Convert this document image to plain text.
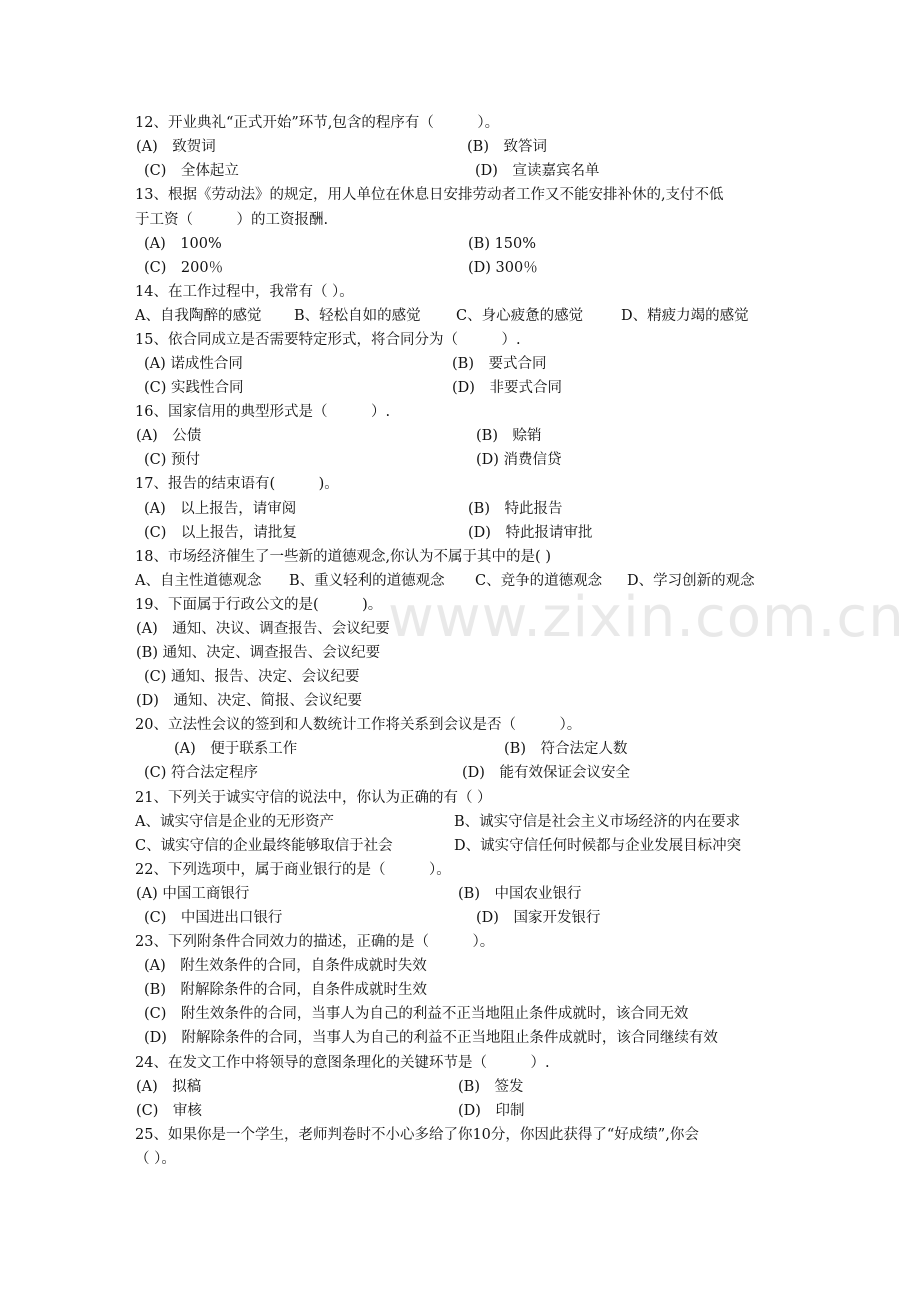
www.zixin.com.cn
12、开业典礼“正式开始”环节,包含的程序有（　　　）。
(A)　致贺词	(B)　致答词
(C)　全体起立	(D)　宣读嘉宾名单
13、根据《劳动法》的规定，用人单位在休息日安排劳动者工作又不能安排补休的,支付不低
于工资（　　　）的工资报酬.
(A)　100%	(B) 150%
(C)　200％	(D) 300％
14、在工作过程中，我常有（ ）。
A、自我陶醉的感觉 B、轻松自如的感觉 C、身心疲惫的感觉	D、精疲力竭的感觉
15、依合同成立是否需要特定形式，将合同分为（　　　）.
(A) 诺成性合同	(B)　要式合同
(C) 实践性合同	(D)　非要式合同
16、国家信用的典型形式是（　　　）.
(A)　公债	(B)　赊销
(C) 预付	(D) 消费信贷
17、报告的结束语有(　　　)。
(A)　以上报告，请审阅	(B)　特此报告
(C)　以上报告，请批复	(D)　特此报请审批
18、市场经济催生了一些新的道德观念,你认为不属于其中的是( )
A、自主性道德观念 B、重义轻利的道德观念 C、竞争的道德观念 D、学习创新的观念
19、下面属于行政公文的是(　　　)。
(A)　通知、决议、调查报告、会议纪要
(B) 通知、决定、调查报告、会议纪要
(C) 通知、报告、决定、会议纪要
(D)　通知、决定、简报、会议纪要
20、立法性会议的签到和人数统计工作将关系到会议是否（　　　）。
(A)　便于联系工作	(B)　符合法定人数
(C) 符合法定程序	(D)　能有效保证会议安全
21、下列关于诚实守信的说法中，你认为正确的有（ ）
A、诚实守信是企业的无形资产	B、诚实守信是社会主义市场经济的内在要求
C、诚实守信的企业最终能够取信于社会	D、诚实守信任何时候都与企业发展目标冲突
22、下列选项中，属于商业银行的是（　　　）。
(A) 中国工商银行	(B)　中国农业银行
(C)　中国进出口银行	(D)　国家开发银行
23、下列附条件合同效力的描述，正确的是（　　　）。
(A)　附生效条件的合同，自条件成就时失效
(B)　附解除条件的合同，自条件成就时生效
(C)　附生效条件的合同，当事人为自己的利益不正当地阻止条件成就时，该合同无效
(D)　附解除条件的合同，当事人为自己的利益不正当地阻止条件成就时，该合同继续有效
24、在发文工作中将领导的意图条理化的关键环节是（　　　）.
(A)　拟稿	(B)　签发
(C)　审核	(D)　印制
25、如果你是一个学生，老师判卷时不小心多给了你10分，你因此获得了“好成绩”,你会
（ ）。
